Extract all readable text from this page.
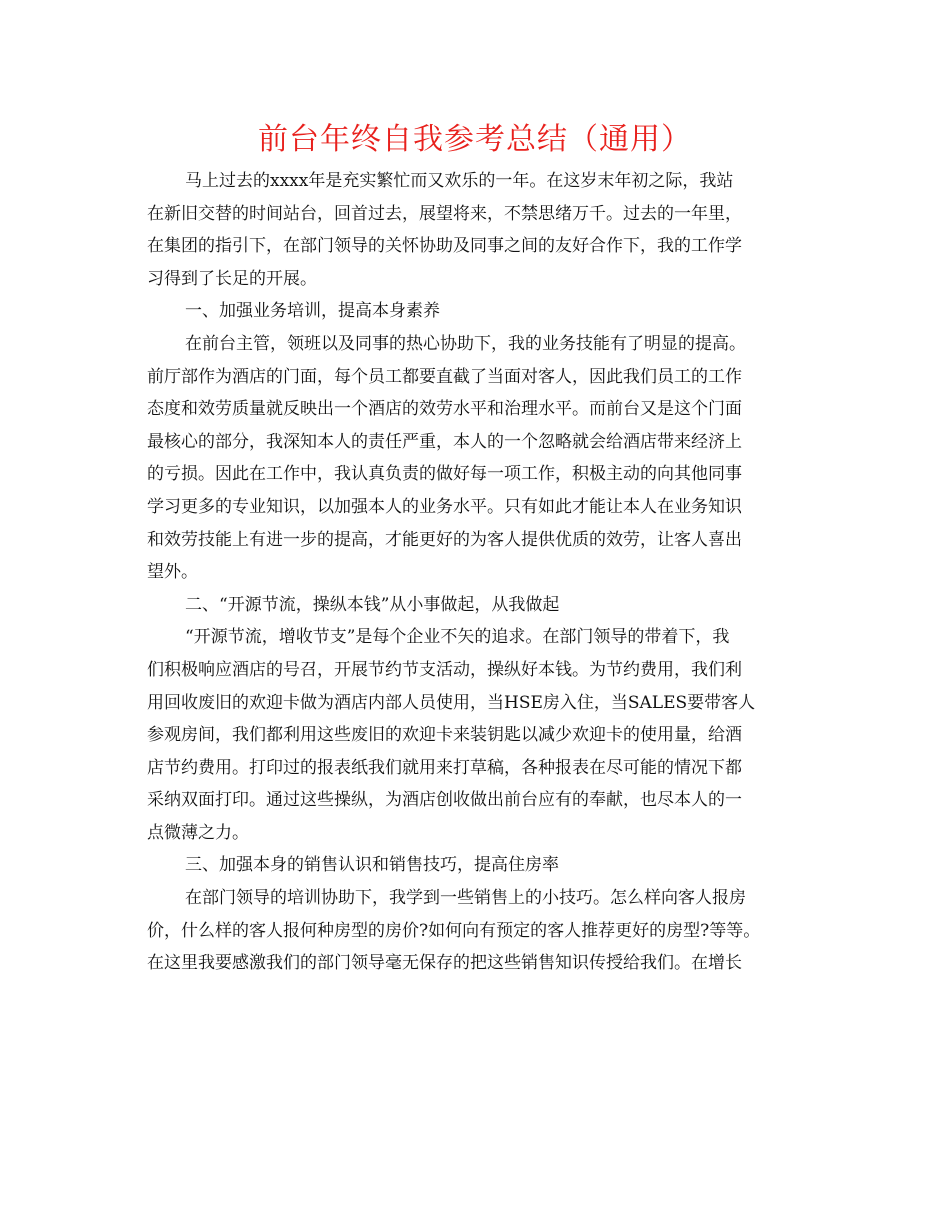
前台年终自我参考总结（通用）
马上过去的xxxx年是充实繁忙而又欢乐的一年。在这岁末年初之际，我站
在新旧交替的时间站台，回首过去，展望将来，不禁思绪万千。过去的一年里，
在集团的指引下，在部门领导的关怀协助及同事之间的友好合作下，我的工作学
习得到了长足的开展。
一、加强业务培训，提高本身素养
在前台主管，领班以及同事的热心协助下，我的业务技能有了明显的提高。
前厅部作为酒店的门面，每个员工都要直截了当面对客人，因此我们员工的工作
态度和效劳质量就反映出一个酒店的效劳水平和治理水平。而前台又是这个门面
最核心的部分，我深知本人的责任严重，本人的一个忽略就会给酒店带来经济上
的亏损。因此在工作中，我认真负责的做好每一项工作，积极主动的向其他同事
学习更多的专业知识，以加强本人的业务水平。只有如此才能让本人在业务知识
和效劳技能上有进一步的提高，才能更好的为客人提供优质的效劳，让客人喜出
望外。
二、“开源节流，操纵本钱”从小事做起，从我做起
“开源节流，增收节支”是每个企业不矢的追求。在部门领导的带着下，我
们积极响应酒店的号召，开展节约节支活动，操纵好本钱。为节约费用，我们利
用回收废旧的欢迎卡做为酒店内部人员使用，当HSE房入住，当SALES要带客人
参观房间，我们都利用这些废旧的欢迎卡来装钥匙以减少欢迎卡的使用量，给酒
店节约费用。打印过的报表纸我们就用来打草稿，各种报表在尽可能的情况下都
采纳双面打印。通过这些操纵，为酒店创收做出前台应有的奉献，也尽本人的一
点微薄之力。
三、加强本身的销售认识和销售技巧，提高住房率
在部门领导的培训协助下，我学到一些销售上的小技巧。怎么样向客人报房
价，什么样的客人报何种房型的房价?如何向有预定的客人推荐更好的房型?等等。
在这里我要感激我们的部门领导毫无保存的把这些销售知识传授给我们。在增长
